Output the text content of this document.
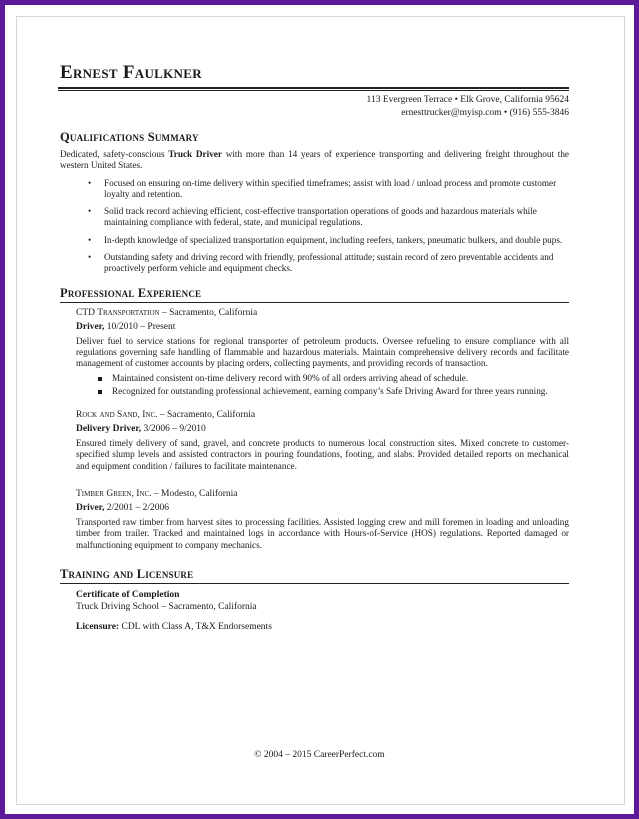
Ernest Faulkner
113 Evergreen Terrace • Elk Grove, California 95624
ernesttrucker@myisp.com • (916) 555-3846
Qualifications Summary
Dedicated, safety-conscious Truck Driver with more than 14 years of experience transporting and delivering freight throughout the western United States.
• Focused on ensuring on-time delivery within specified timeframes; assist with load / unload process and promote customer loyalty and retention.
• Solid track record achieving efficient, cost-effective transportation operations of goods and hazardous materials while maintaining compliance with federal, state, and municipal regulations.
• In-depth knowledge of specialized transportation equipment, including reefers, tankers, pneumatic bulkers, and double pups.
• Outstanding safety and driving record with friendly, professional attitude; sustain record of zero preventable accidents and proactively perform vehicle and equipment checks.
Professional Experience
CTD Transportation – Sacramento, California
Driver, 10/2010 – Present
Deliver fuel to service stations for regional transporter of petroleum products. Oversee refueling to ensure compliance with all regulations governing safe handling of flammable and hazardous materials. Maintain comprehensive delivery records and facilitate management of customer accounts by placing orders, collecting payments, and providing records of transaction.
Maintained consistent on-time delivery record with 90% of all orders arriving ahead of schedule.
Recognized for outstanding professional achievement, earning company’s Safe Driving Award for three years running.
Rock and Sand, Inc. – Sacramento, California
Delivery Driver, 3/2006 – 9/2010
Ensured timely delivery of sand, gravel, and concrete products to numerous local construction sites. Mixed concrete to customer-specified slump levels and assisted contractors in pouring foundations, footing, and slabs. Provided detailed reports on mechanical and equipment condition / failures to facilitate maintenance.
Timber Green, Inc. – Modesto, California
Driver, 2/2001 – 2/2006
Transported raw timber from harvest sites to processing facilities. Assisted logging crew and mill foremen in loading and unloading timber from trailer. Tracked and maintained logs in accordance with Hours-of-Service (HOS) regulations. Reported damaged or malfunctioning equipment to company mechanics.
Training and Licensure
Certificate of Completion
Truck Driving School – Sacramento, California
Licensure: CDL with Class A, T&X Endorsements
© 2004 – 2015 CareerPerfect.com
